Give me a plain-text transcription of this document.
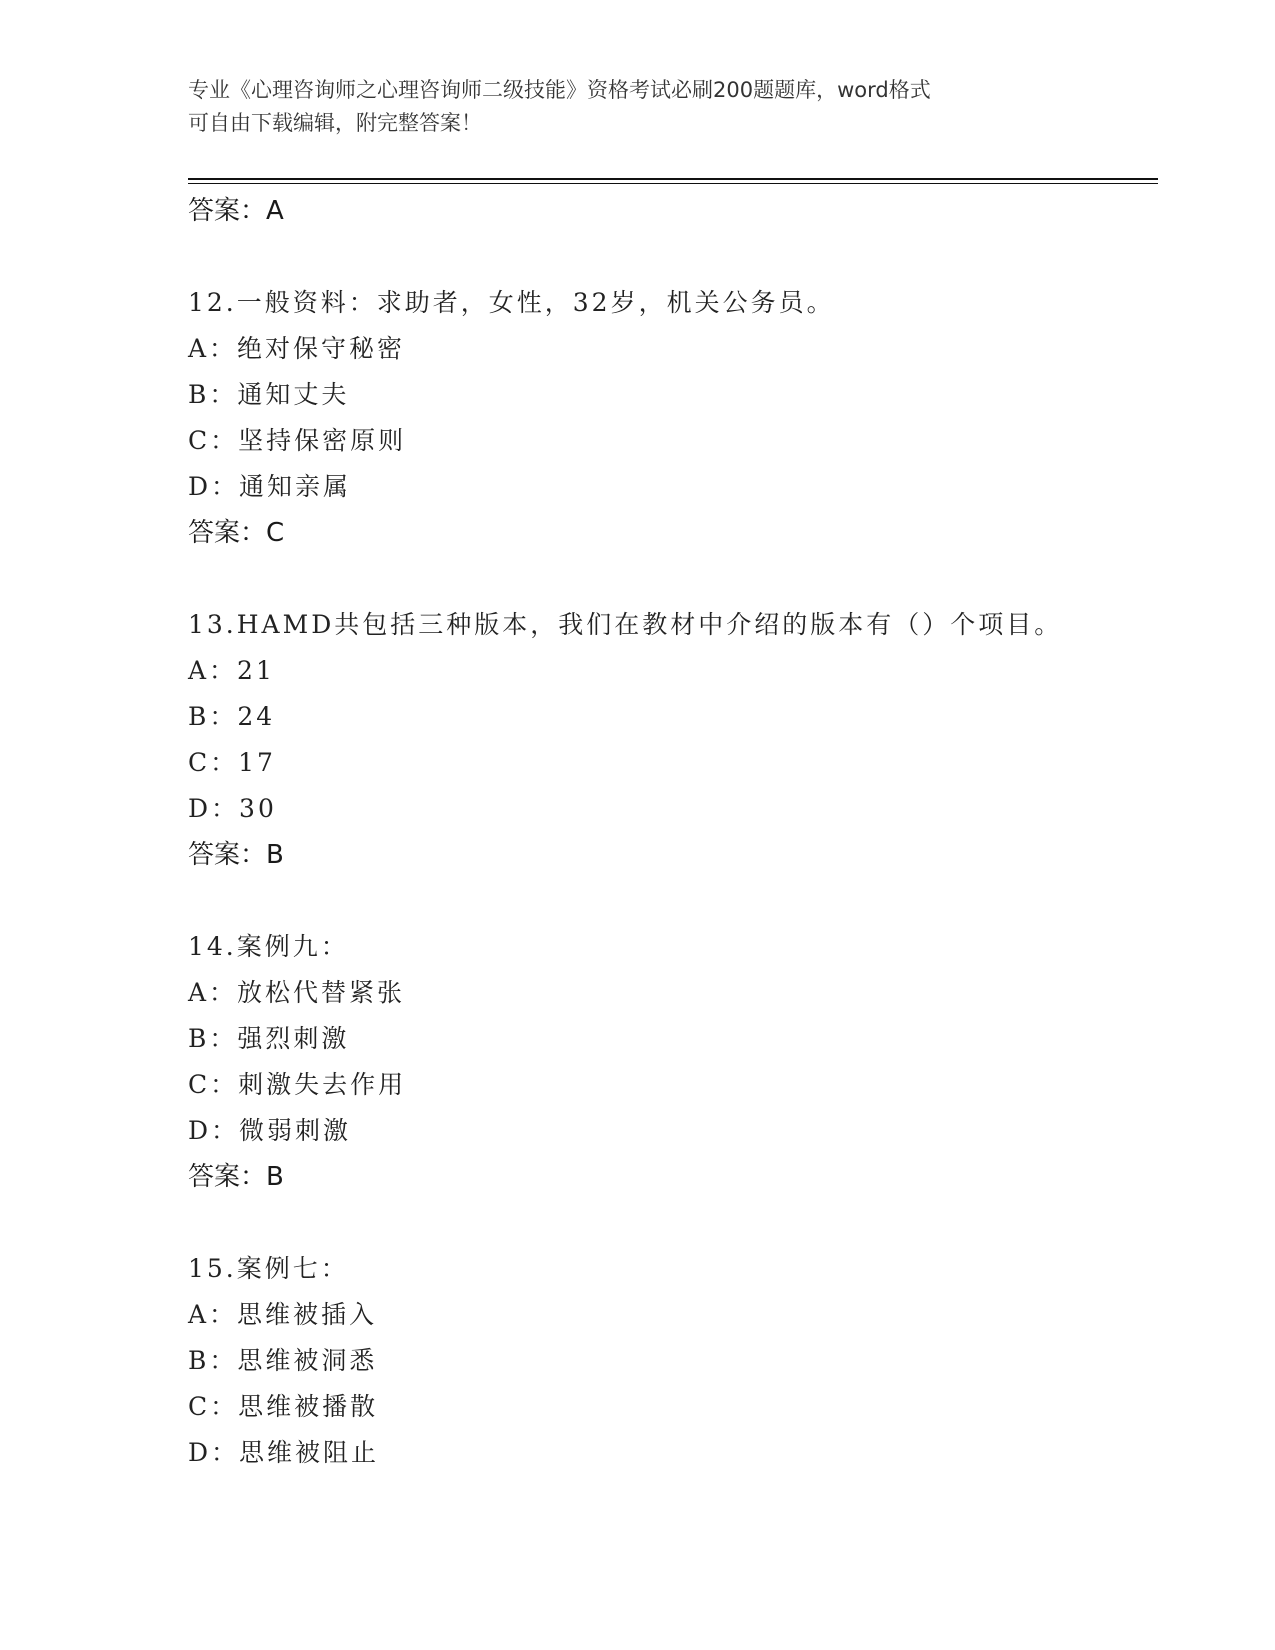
专业《心理咨询师之心理咨询师二级技能》资格考试必刷200题题库，word格式
可自由下载编辑，附完整答案！
答案：A
12.一般资料：求助者，女性，32岁，机关公务员。
A：绝对保守秘密
B：通知丈夫
C：坚持保密原则
D：通知亲属
答案：C
13.HAMD共包括三种版本，我们在教材中介绍的版本有（）个项目。
A：21
B：24
C：17
D：30
答案：B
14.案例九：
A：放松代替紧张
B：强烈刺激
C：刺激失去作用
D：微弱刺激
答案：B
15.案例七：
A：思维被插入
B：思维被洞悉
C：思维被播散
D：思维被阻止
